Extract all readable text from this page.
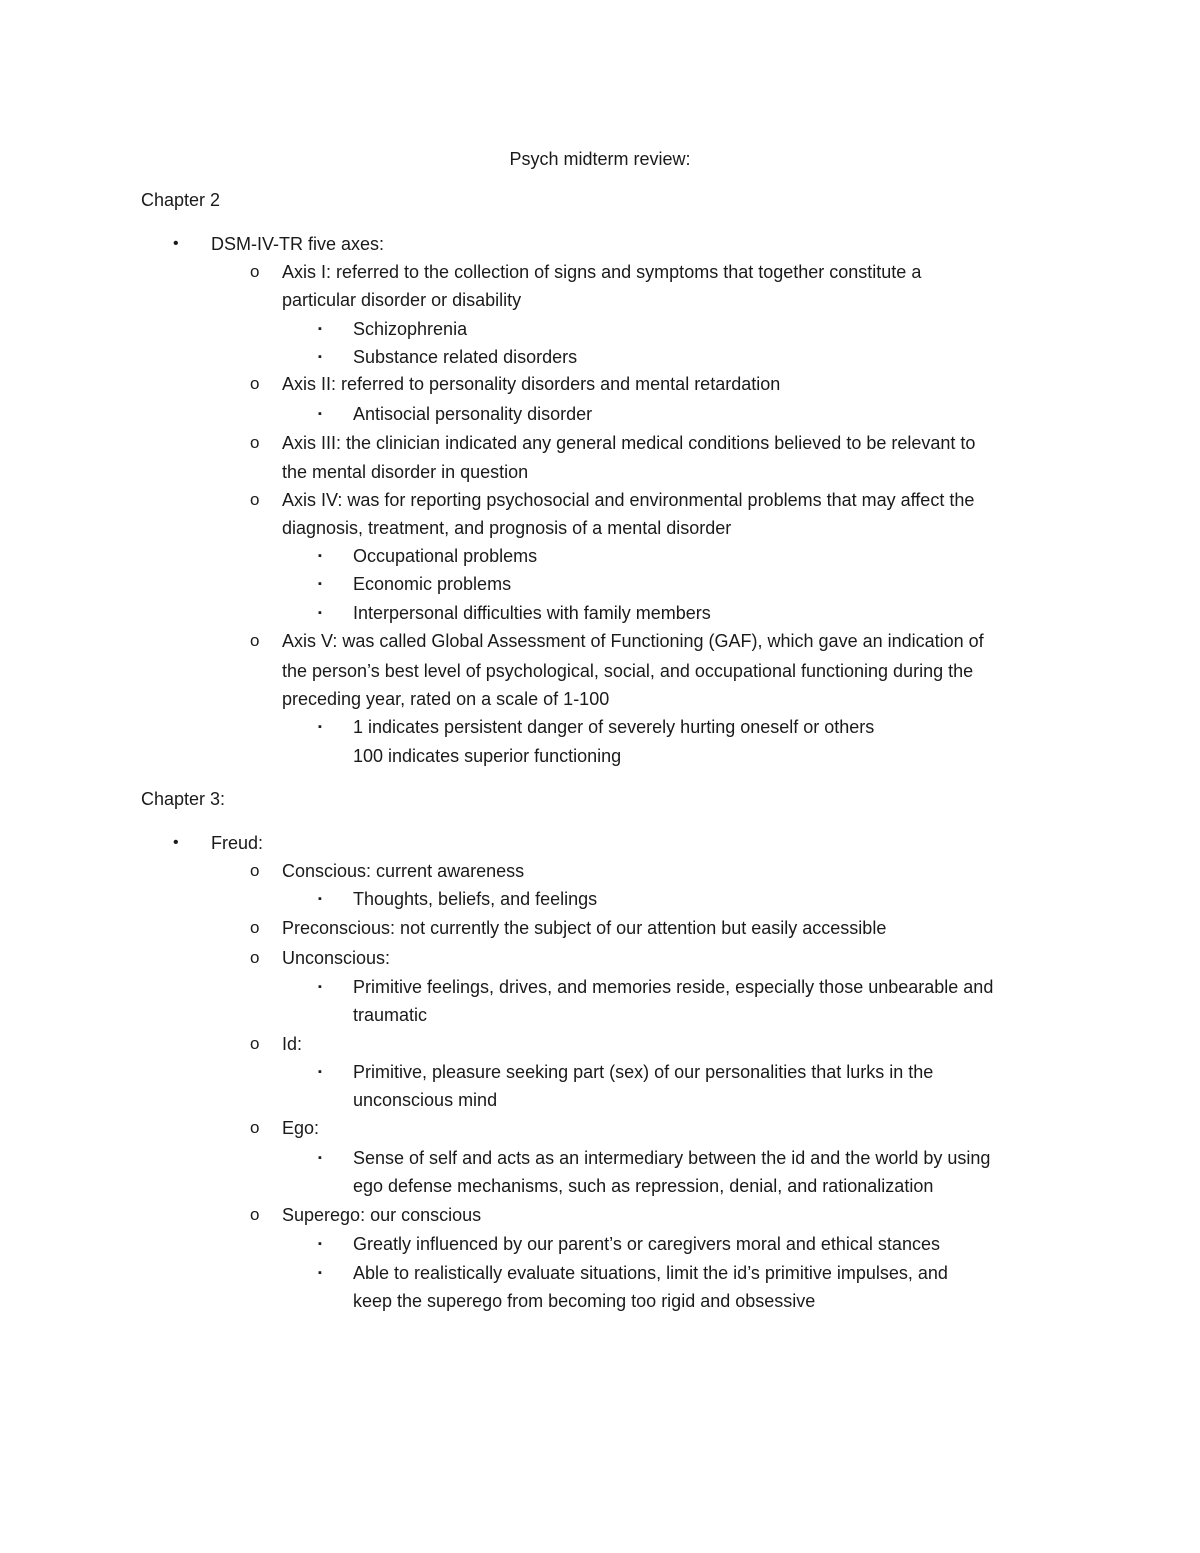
Psych midterm review:
Chapter 2
• DSM-IV-TR five axes:
o Axis I: referred to the collection of signs and symptoms that together constitute a
particular disorder or disability
▪ Schizophrenia
▪ Substance related disorders
o Axis II: referred to personality disorders and mental retardation
▪ Antisocial personality disorder
o Axis III: the clinician indicated any general medical conditions believed to be relevant to
the mental disorder in question
o Axis IV: was for reporting psychosocial and environmental problems that may affect the
diagnosis, treatment, and prognosis of a mental disorder
▪ Occupational problems
▪ Economic problems
▪ Interpersonal difficulties with family members
o Axis V: was called Global Assessment of Functioning (GAF), which gave an indication of
the person’s best level of psychological, social, and occupational functioning during the
preceding year, rated on a scale of 1-100
▪ 1 indicates persistent danger of severely hurting oneself or others
100 indicates superior functioning
Chapter 3:
• Freud:
o Conscious: current awareness
▪ Thoughts, beliefs, and feelings
o Preconscious: not currently the subject of our attention but easily accessible
o Unconscious:
▪ Primitive feelings, drives, and memories reside, especially those unbearable and
traumatic
o Id:
▪ Primitive, pleasure seeking part (sex) of our personalities that lurks in the
unconscious mind
o Ego:
▪ Sense of self and acts as an intermediary between the id and the world by using
ego defense mechanisms, such as repression, denial, and rationalization
o Superego: our conscious
▪ Greatly influenced by our parent’s or caregivers moral and ethical stances
▪ Able to realistically evaluate situations, limit the id’s primitive impulses, and
keep the superego from becoming too rigid and obsessive
